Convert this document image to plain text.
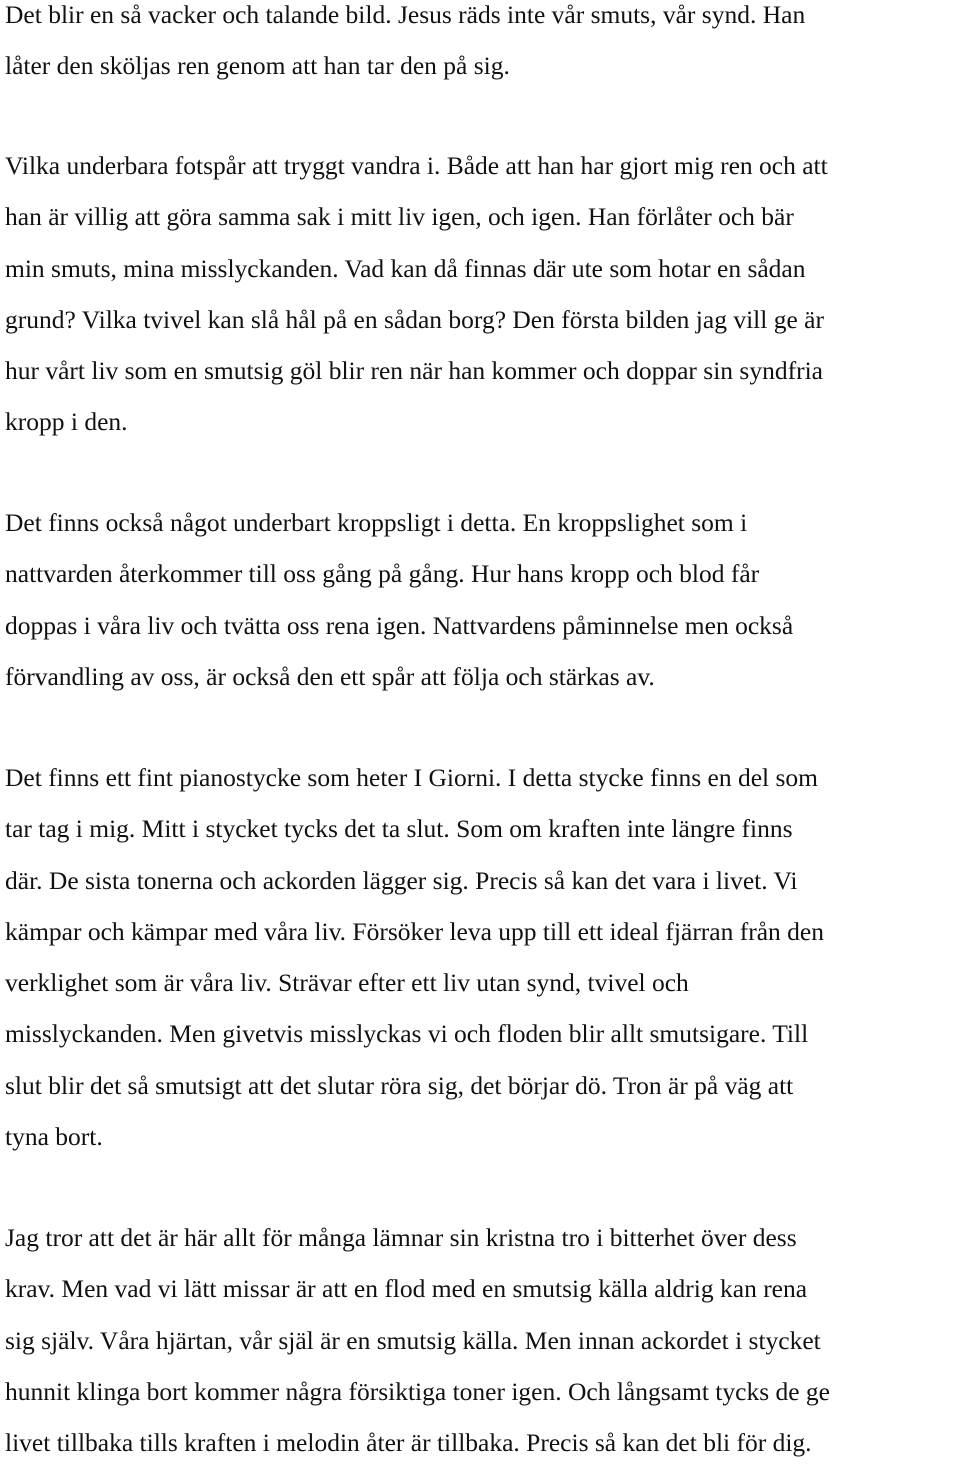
Det blir en så vacker och talande bild. Jesus räds inte vår smuts, vår synd. Han
låter den sköljas ren genom att han tar den på sig.
Vilka underbara fotspår att tryggt vandra i. Både att han har gjort mig ren och att
han är villig att göra samma sak i mitt liv igen, och igen. Han förlåter och bär
min smuts, mina misslyckanden. Vad kan då finnas där ute som hotar en sådan
grund? Vilka tvivel kan slå hål på en sådan borg? Den första bilden jag vill ge är
hur vårt liv som en smutsig göl blir ren när han kommer och doppar sin syndfria
kropp i den.
Det finns också något underbart kroppsligt i detta. En kroppslighet som i
nattvarden återkommer till oss gång på gång. Hur hans kropp och blod får
doppas i våra liv och tvätta oss rena igen. Nattvardens påminnelse men också
förvandling av oss, är också den ett spår att följa och stärkas av.
Det finns ett fint pianostycke som heter I Giorni. I detta stycke finns en del som
tar tag i mig. Mitt i stycket tycks det ta slut. Som om kraften inte längre finns
där. De sista tonerna och ackorden lägger sig. Precis så kan det vara i livet. Vi
kämpar och kämpar med våra liv. Försöker leva upp till ett ideal fjärran från den
verklighet som är våra liv. Strävar efter ett liv utan synd, tvivel och
misslyckanden. Men givetvis misslyckas vi och floden blir allt smutsigare. Till
slut blir det så smutsigt att det slutar röra sig, det börjar dö. Tron är på väg att
tyna bort.
Jag tror att det är här allt för många lämnar sin kristna tro i bitterhet över dess
krav. Men vad vi lätt missar är att en flod med en smutsig källa aldrig kan rena
sig själv. Våra hjärtan, vår själ är en smutsig källa. Men innan ackordet i stycket
hunnit klinga bort kommer några försiktiga toner igen. Och långsamt tycks de ge
livet tillbaka tills kraften i melodin åter är tillbaka. Precis så kan det bli för dig.
